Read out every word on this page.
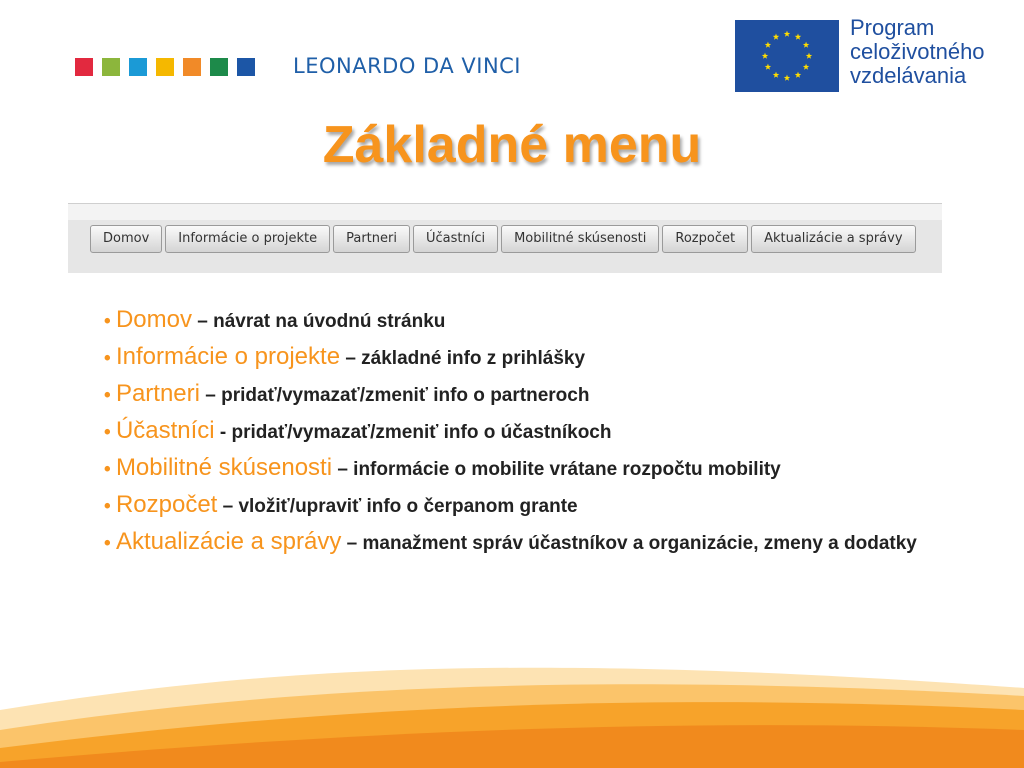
LEONARDO DA VINCI
Program
celoživotného
vzdelávania
Základné menu
Domov	Informácie o projekte	Partneri	Účastníci	Mobilitné skúsenosti	Rozpočet	Aktualizácie a správy
• Domov – návrat na úvodnú stránku
• Informácie o projekte – základné info z prihlášky
• Partneri – pridať/vymazať/zmeniť info o partneroch
• Účastníci - pridať/vymazať/zmeniť info o účastníkoch
• Mobilitné skúsenosti – informácie o mobilite vrátane rozpočtu mobility
• Rozpočet – vložiť/upraviť info o čerpanom grante
• Aktualizácie a správy – manažment správ účastníkov a organizácie, zmeny a dodatky
